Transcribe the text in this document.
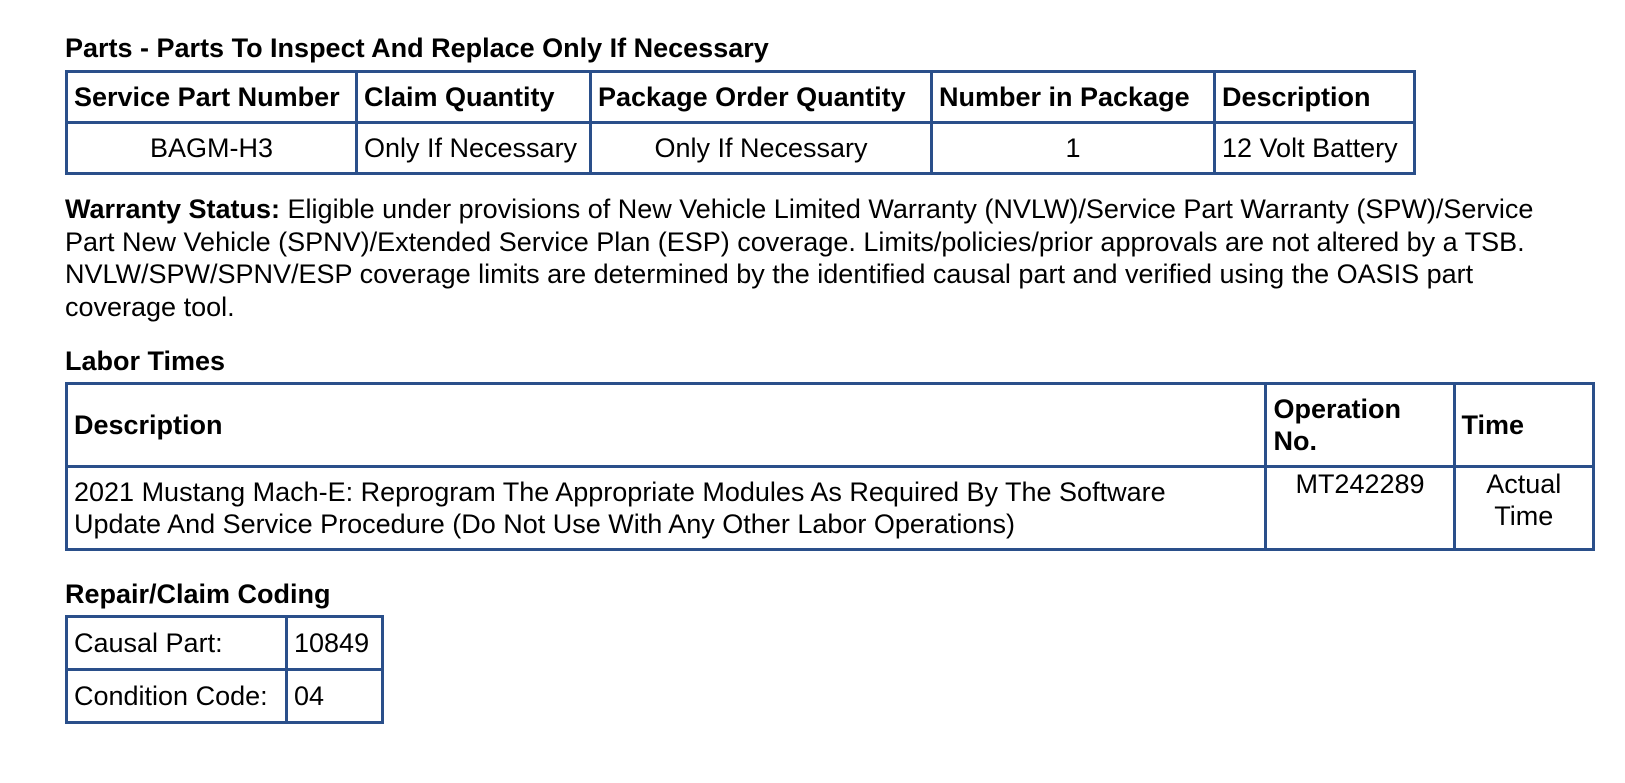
Parts - Parts To Inspect And Replace Only If Necessary
Service Part Number	Claim Quantity	Package Order Quantity	Number in Package	Description
BAGM-H3	Only If Necessary	Only If Necessary	1	12 Volt Battery
Warranty Status: Eligible under provisions of New Vehicle Limited Warranty (NVLW)/Service Part Warranty (SPW)/Service Part New Vehicle (SPNV)/Extended Service Plan (ESP) coverage. Limits/policies/prior approvals are not altered by a TSB. NVLW/SPW/SPNV/ESP coverage limits are determined by the identified causal part and verified using the OASIS part coverage tool.
Labor Times
Description	Operation No.	Time
2021 Mustang Mach-E: Reprogram The Appropriate Modules As Required By The Software Update And Service Procedure (Do Not Use With Any Other Labor Operations)	MT242289	Actual Time
Repair/Claim Coding
Causal Part:	10849
Condition Code:	04
